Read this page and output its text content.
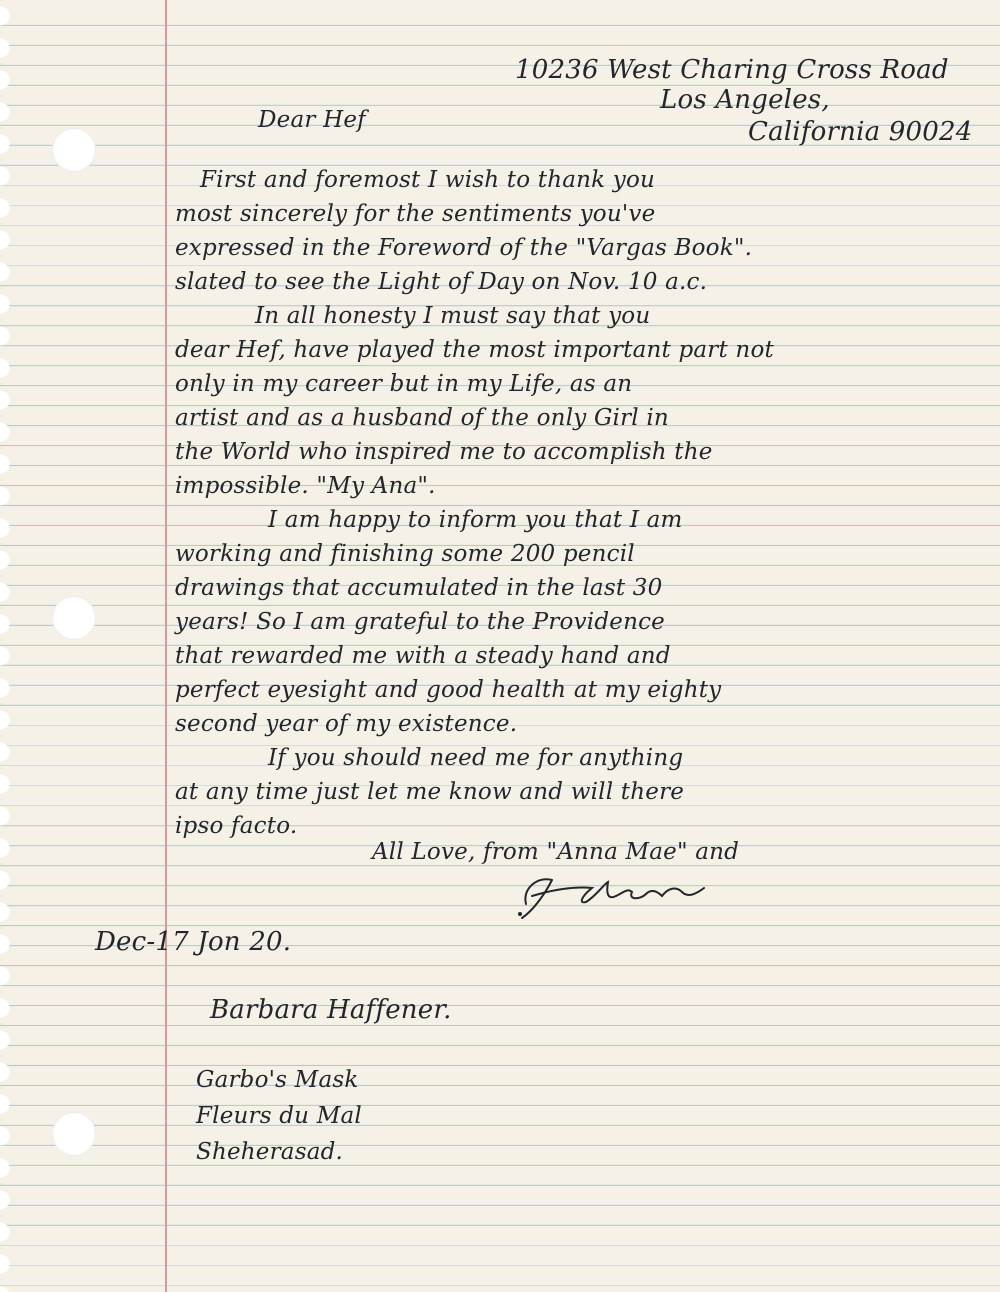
10236 West Charing Cross Road

Los Angeles,

California 90024

Dear Hef

First and foremost I wish to thank you

most sincerely for the sentiments you've

expressed in the Foreword of the "Vargas Book".

slated to see the Light of Day on Nov. 10 a.c.

In all honesty I must say that you

dear Hef, have played the most important part not

only in my career but in my Life, as an

artist and as a husband of the only Girl in

the World who inspired me to accomplish the

impossible. "My Ana".

I am happy to inform you that I am

working and finishing some 200 pencil

drawings that accumulated in the last 30

years! So I am grateful to the Providence

that rewarded me with a steady hand and

perfect eyesight and good health at my eighty

second year of my existence.

If you should need me for anything

at any time just let me know and will there

ipso facto.

All Love, from "Anna Mae" and

Dec-17 Jon 20.

Barbara Haffener.

Garbo's Mask

Fleurs du Mal

Sheherasad.
